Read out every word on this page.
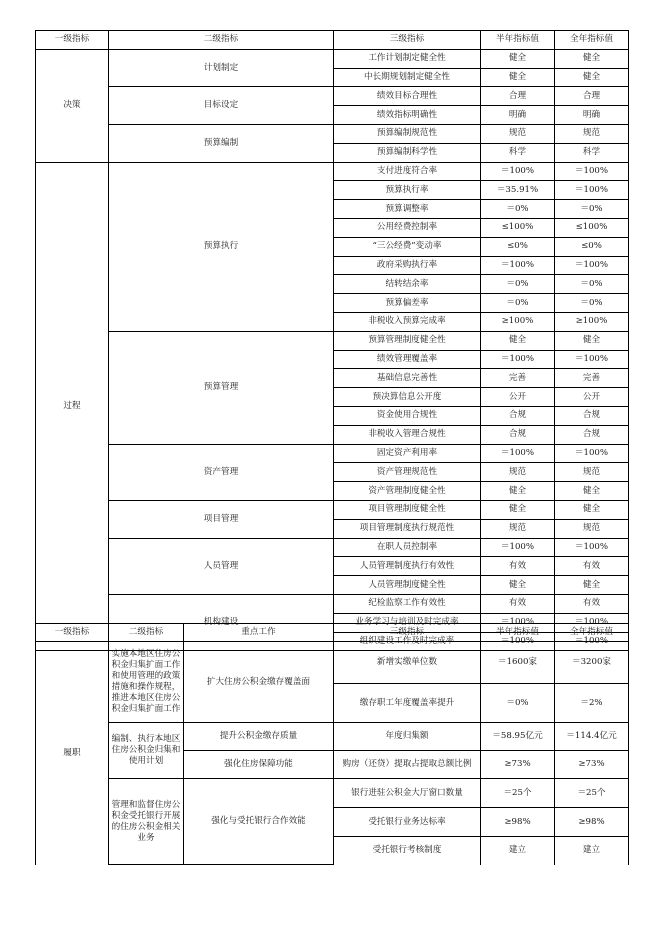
一级指标	二级指标	三级指标	半年指标值	全年指标值
决策	计划制定	工作计划制定健全性	健全	健全
		中长期规划制定健全性	健全	健全
	目标设定	绩效目标合理性	合理	合理
		绩效指标明确性	明确	明确
	预算编制	预算编制规范性	规范	规范
		预算编制科学性	科学	科学
过程	预算执行	支付进度符合率	＝100%	＝100%
		预算执行率	＝35.91%	＝100%
		预算调整率	＝0%	＝0%
		公用经费控制率	≤100%	≤100%
		“三公经费”变动率	≤0%	≤0%
		政府采购执行率	＝100%	＝100%
		结转结余率	＝0%	＝0%
		预算偏差率	＝0%	＝0%
		非税收入预算完成率	≥100%	≥100%
	预算管理	预算管理制度健全性	健全	健全
		绩效管理覆盖率	＝100%	＝100%
		基础信息完善性	完善	完善
		预决算信息公开度	公开	公开
		资金使用合规性	合规	合规
		非税收入管理合规性	合规	合规
	资产管理	固定资产利用率	＝100%	＝100%
		资产管理规范性	规范	规范
		资产管理制度健全性	健全	健全
	项目管理	项目管理制度健全性	健全	健全
		项目管理制度执行规范性	规范	规范
	人员管理	在职人员控制率	＝100%	＝100%
		人员管理制度执行有效性	有效	有效
		人员管理制度健全性	健全	健全
	机构建设	纪检监察工作有效性	有效	有效
		业务学习与培训及时完成率	＝100%	＝100%
		组织建设工作及时完成率	＝100%	＝100%
一级指标	二级指标	重点工作	三级指标	半年指标值	全年指标值
履职	实施本地区住房公积金归集扩面工作和使用管理的政策措施和操作规程，推进本地区住房公积金归集扩面工作	扩大住房公积金缴存覆盖面	新增实缴单位数	＝1600家	＝3200家
			缴存职工年度覆盖率提升	＝0%	＝2%
	编制、执行本地区住房公积金归集和使用计划	提升公积金缴存质量	年度归集额	＝58.95亿元	＝114.4亿元
		强化住房保障功能	购房（还贷）提取占提取总额比例	≥73%	≥73%
	管理和监督住房公积金受托银行开展的住房公积金相关业务	强化与受托银行合作效能	银行进驻公积金大厅窗口数量	＝25个	＝25个
			受托银行业务达标率	≥98%	≥98%
			受托银行考核制度	建立	建立
